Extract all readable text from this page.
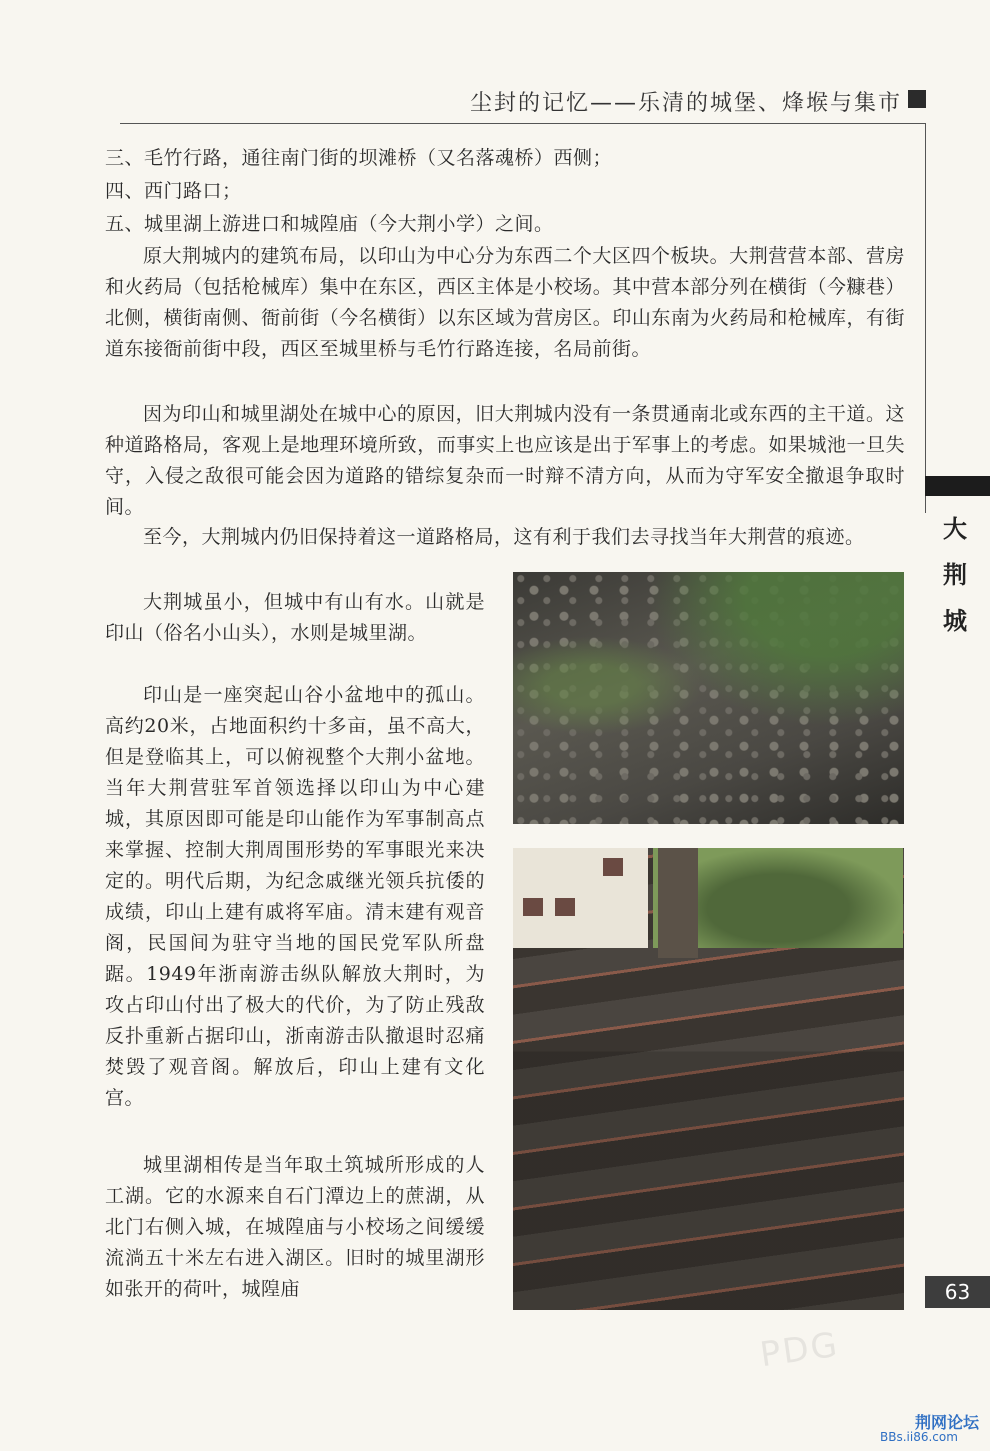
尘封的记忆——乐清的城堡、烽堠与集市
大
荆
城

三、毛竹行路，通往南门街的坝滩桥（又名落魂桥）西侧；

四、西门路口；

五、城里湖上游进口和城隍庙（今大荆小学）之间。

原大荆城内的建筑布局，以印山为中心分为东西二个大区四个板块。大荆营营本部、营房和火药局（包括枪械库）集中在东区，西区主体是小校场。其中营本部分列在横街（今糠巷）北侧，横街南侧、衙前街（今名横街）以东区域为营房区。印山东南为火药局和枪械库，有街道东接衙前街中段，西区至城里桥与毛竹行路连接，名局前街。

因为印山和城里湖处在城中心的原因，旧大荆城内没有一条贯通南北或东西的主干道。这种道路格局，客观上是地理环境所致，而事实上也应该是出于军事上的考虑。如果城池一旦失守，入侵之敌很可能会因为道路的错综复杂而一时辩不清方向，从而为守军安全撤退争取时间。

至今，大荆城内仍旧保持着这一道路格局，这有利于我们去寻找当年大荆营的痕迹。

大荆城虽小，但城中有山有水。山就是印山（俗名小山头），水则是城里湖。

印山是一座突起山谷小盆地中的孤山。高约20米，占地面积约十多亩，虽不高大，但是登临其上，可以俯视整个大荆小盆地。当年大荆营驻军首领选择以印山为中心建城，其原因即可能是印山能作为军事制高点来掌握、控制大荆周围形势的军事眼光来决定的。明代后期，为纪念戚继光领兵抗倭的成绩，印山上建有戚将军庙。清末建有观音阁，民国间为驻守当地的国民党军队所盘踞。1949年浙南游击纵队解放大荆时，为攻占印山付出了极大的代价，为了防止残敌反扑重新占据印山，浙南游击队撤退时忍痛焚毁了观音阁。解放后，印山上建有文化宫。

城里湖相传是当年取土筑城所形成的人工湖。它的水源来自石门潭边上的蔗湖，从北门右侧入城，在城隍庙与小校场之间缓缓流淌五十米左右进入湖区。旧时的城里湖形如张开的荷叶，城隍庙	63
PDG
荆网论坛
BBs.ii86.com
